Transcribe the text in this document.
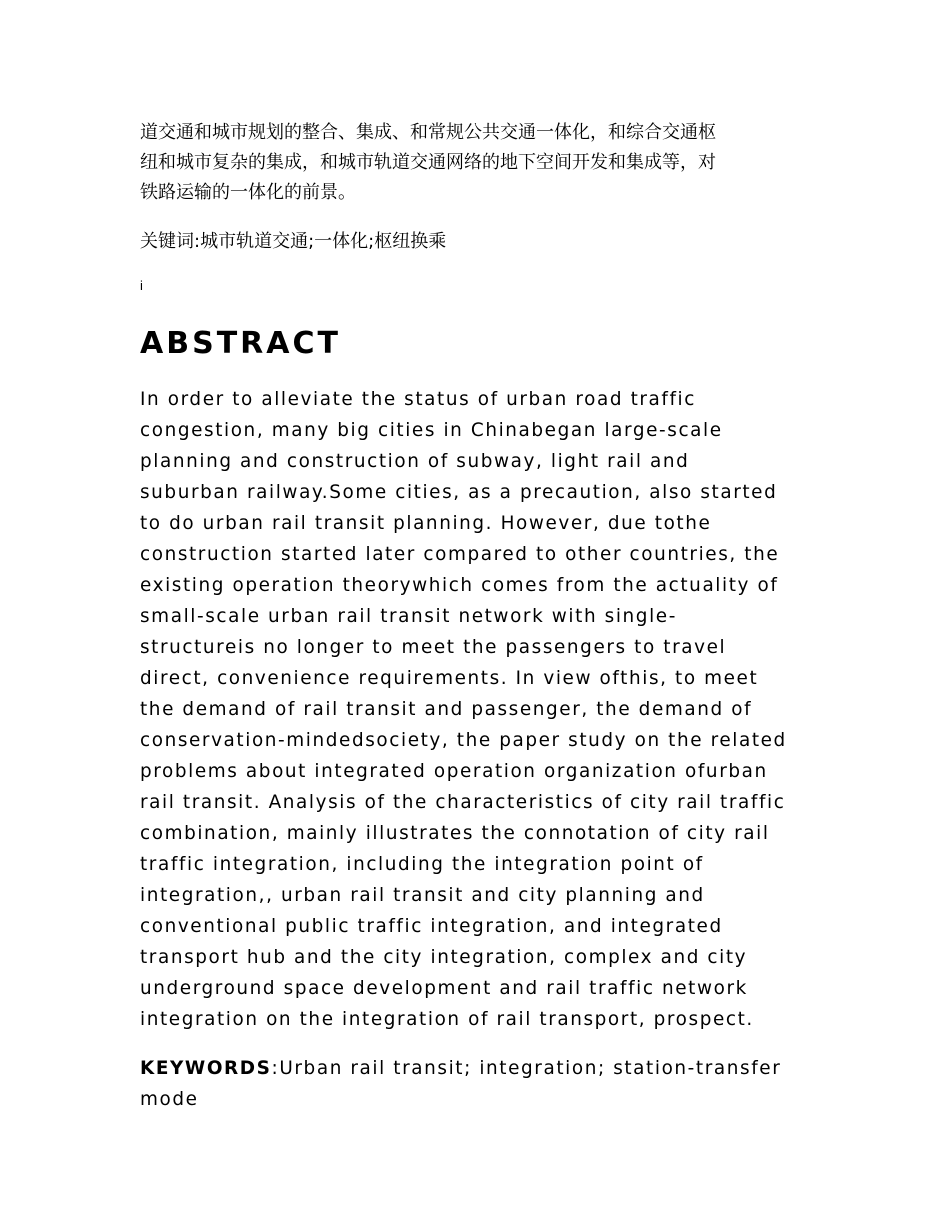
道交通和城市规划的整合、集成、和常规公共交通一体化，和综合交通枢
纽和城市复杂的集成，和城市轨道交通网络的地下空间开发和集成等，对
铁路运输的一体化的前景。
关键词:城市轨道交通;一体化;枢纽换乘
i
ABSTRACT
In order to alleviate the status of urban road traffic
congestion, many big cities in Chinabegan large-scale
planning and construction of subway, light rail and
suburban railway.Some cities, as a precaution, also started
to do urban rail transit planning. However, due tothe
construction started later compared to other countries, the
existing operation theorywhich comes from the actuality of
small-scale urban rail transit network with single-
structureis no longer to meet the passengers to travel
direct, convenience requirements. In view ofthis, to meet
the demand of rail transit and passenger, the demand of
conservation-mindedsociety, the paper study on the related
problems about integrated operation organization ofurban
rail transit. Analysis of the characteristics of city rail traffic
combination, mainly illustrates the connotation of city rail
traffic integration, including the integration point of
integration,, urban rail transit and city planning and
conventional public traffic integration, and integrated
transport hub and the city integration, complex and city
underground space development and rail traffic network
integration on the integration of rail transport, prospect.
KEYWORDS:Urban rail transit; integration; station-transfer
mode
